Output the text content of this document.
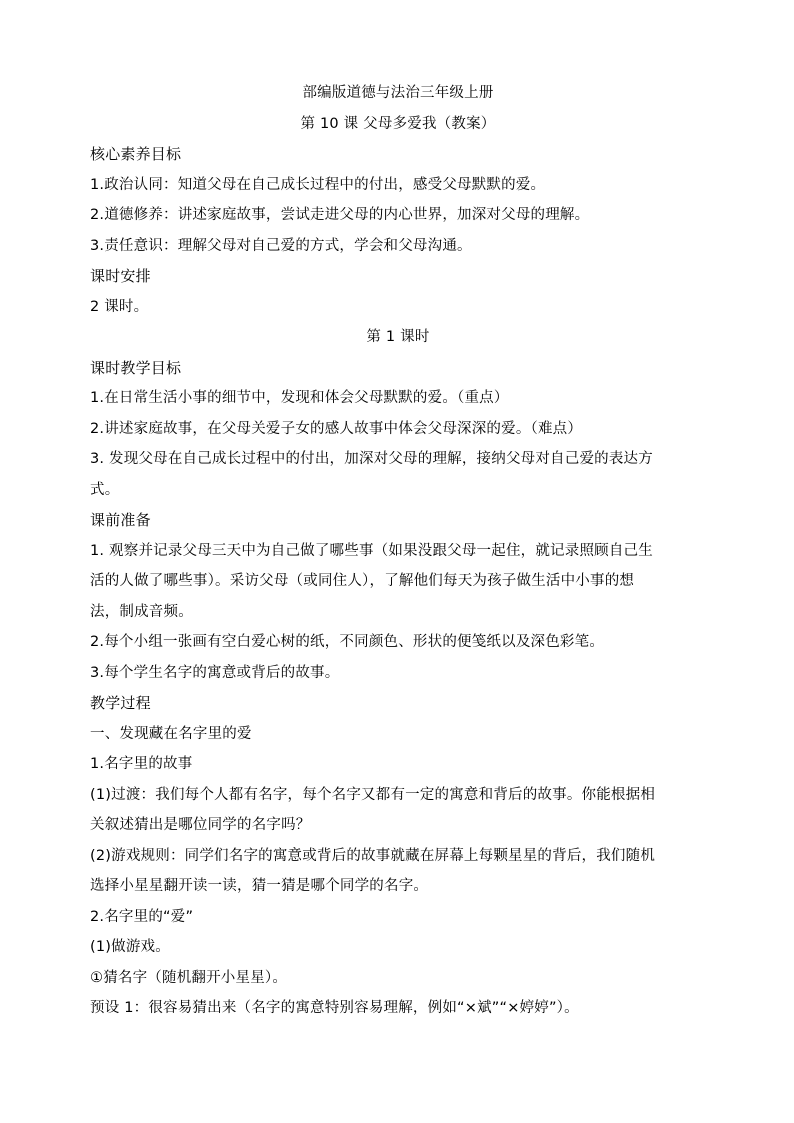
部编版道德与法治三年级上册
第 10 课 父母多爱我（教案）
核心素养目标
1.政治认同：知道父母在自己成长过程中的付出，感受父母默默的爱。
2.道德修养：讲述家庭故事，尝试走进父母的内心世界，加深对父母的理解。
3.责任意识：理解父母对自己爱的方式，学会和父母沟通。
课时安排
2 课时。
第 1 课时
课时教学目标
1.在日常生活小事的细节中，发现和体会父母默默的爱。（重点）
2.讲述家庭故事，在父母关爱子女的感人故事中体会父母深深的爱。（难点）
3. 发现父母在自己成长过程中的付出，加深对父母的理解，接纳父母对自己爱的表达方
式。
课前准备
1. 观察并记录父母三天中为自己做了哪些事（如果没跟父母一起住，就记录照顾自己生
活的人做了哪些事）。采访父母（或同住人），了解他们每天为孩子做生活中小事的想
法，制成音频。
2.每个小组一张画有空白爱心树的纸，不同颜色、形状的便笺纸以及深色彩笔。
3.每个学生名字的寓意或背后的故事。
教学过程
一、发现藏在名字里的爱
1.名字里的故事
(1)过渡：我们每个人都有名字，每个名字又都有一定的寓意和背后的故事。你能根据相
关叙述猜出是哪位同学的名字吗？
(2)游戏规则：同学们名字的寓意或背后的故事就藏在屏幕上每颗星星的背后，我们随机
选择小星星翻开读一读，猜一猜是哪个同学的名字。
2.名字里的“爱”
(1)做游戏。
①猜名字（随机翻开小星星）。
预设 1：很容易猜出来（名字的寓意特别容易理解，例如“×斌”“×婷婷”）。
